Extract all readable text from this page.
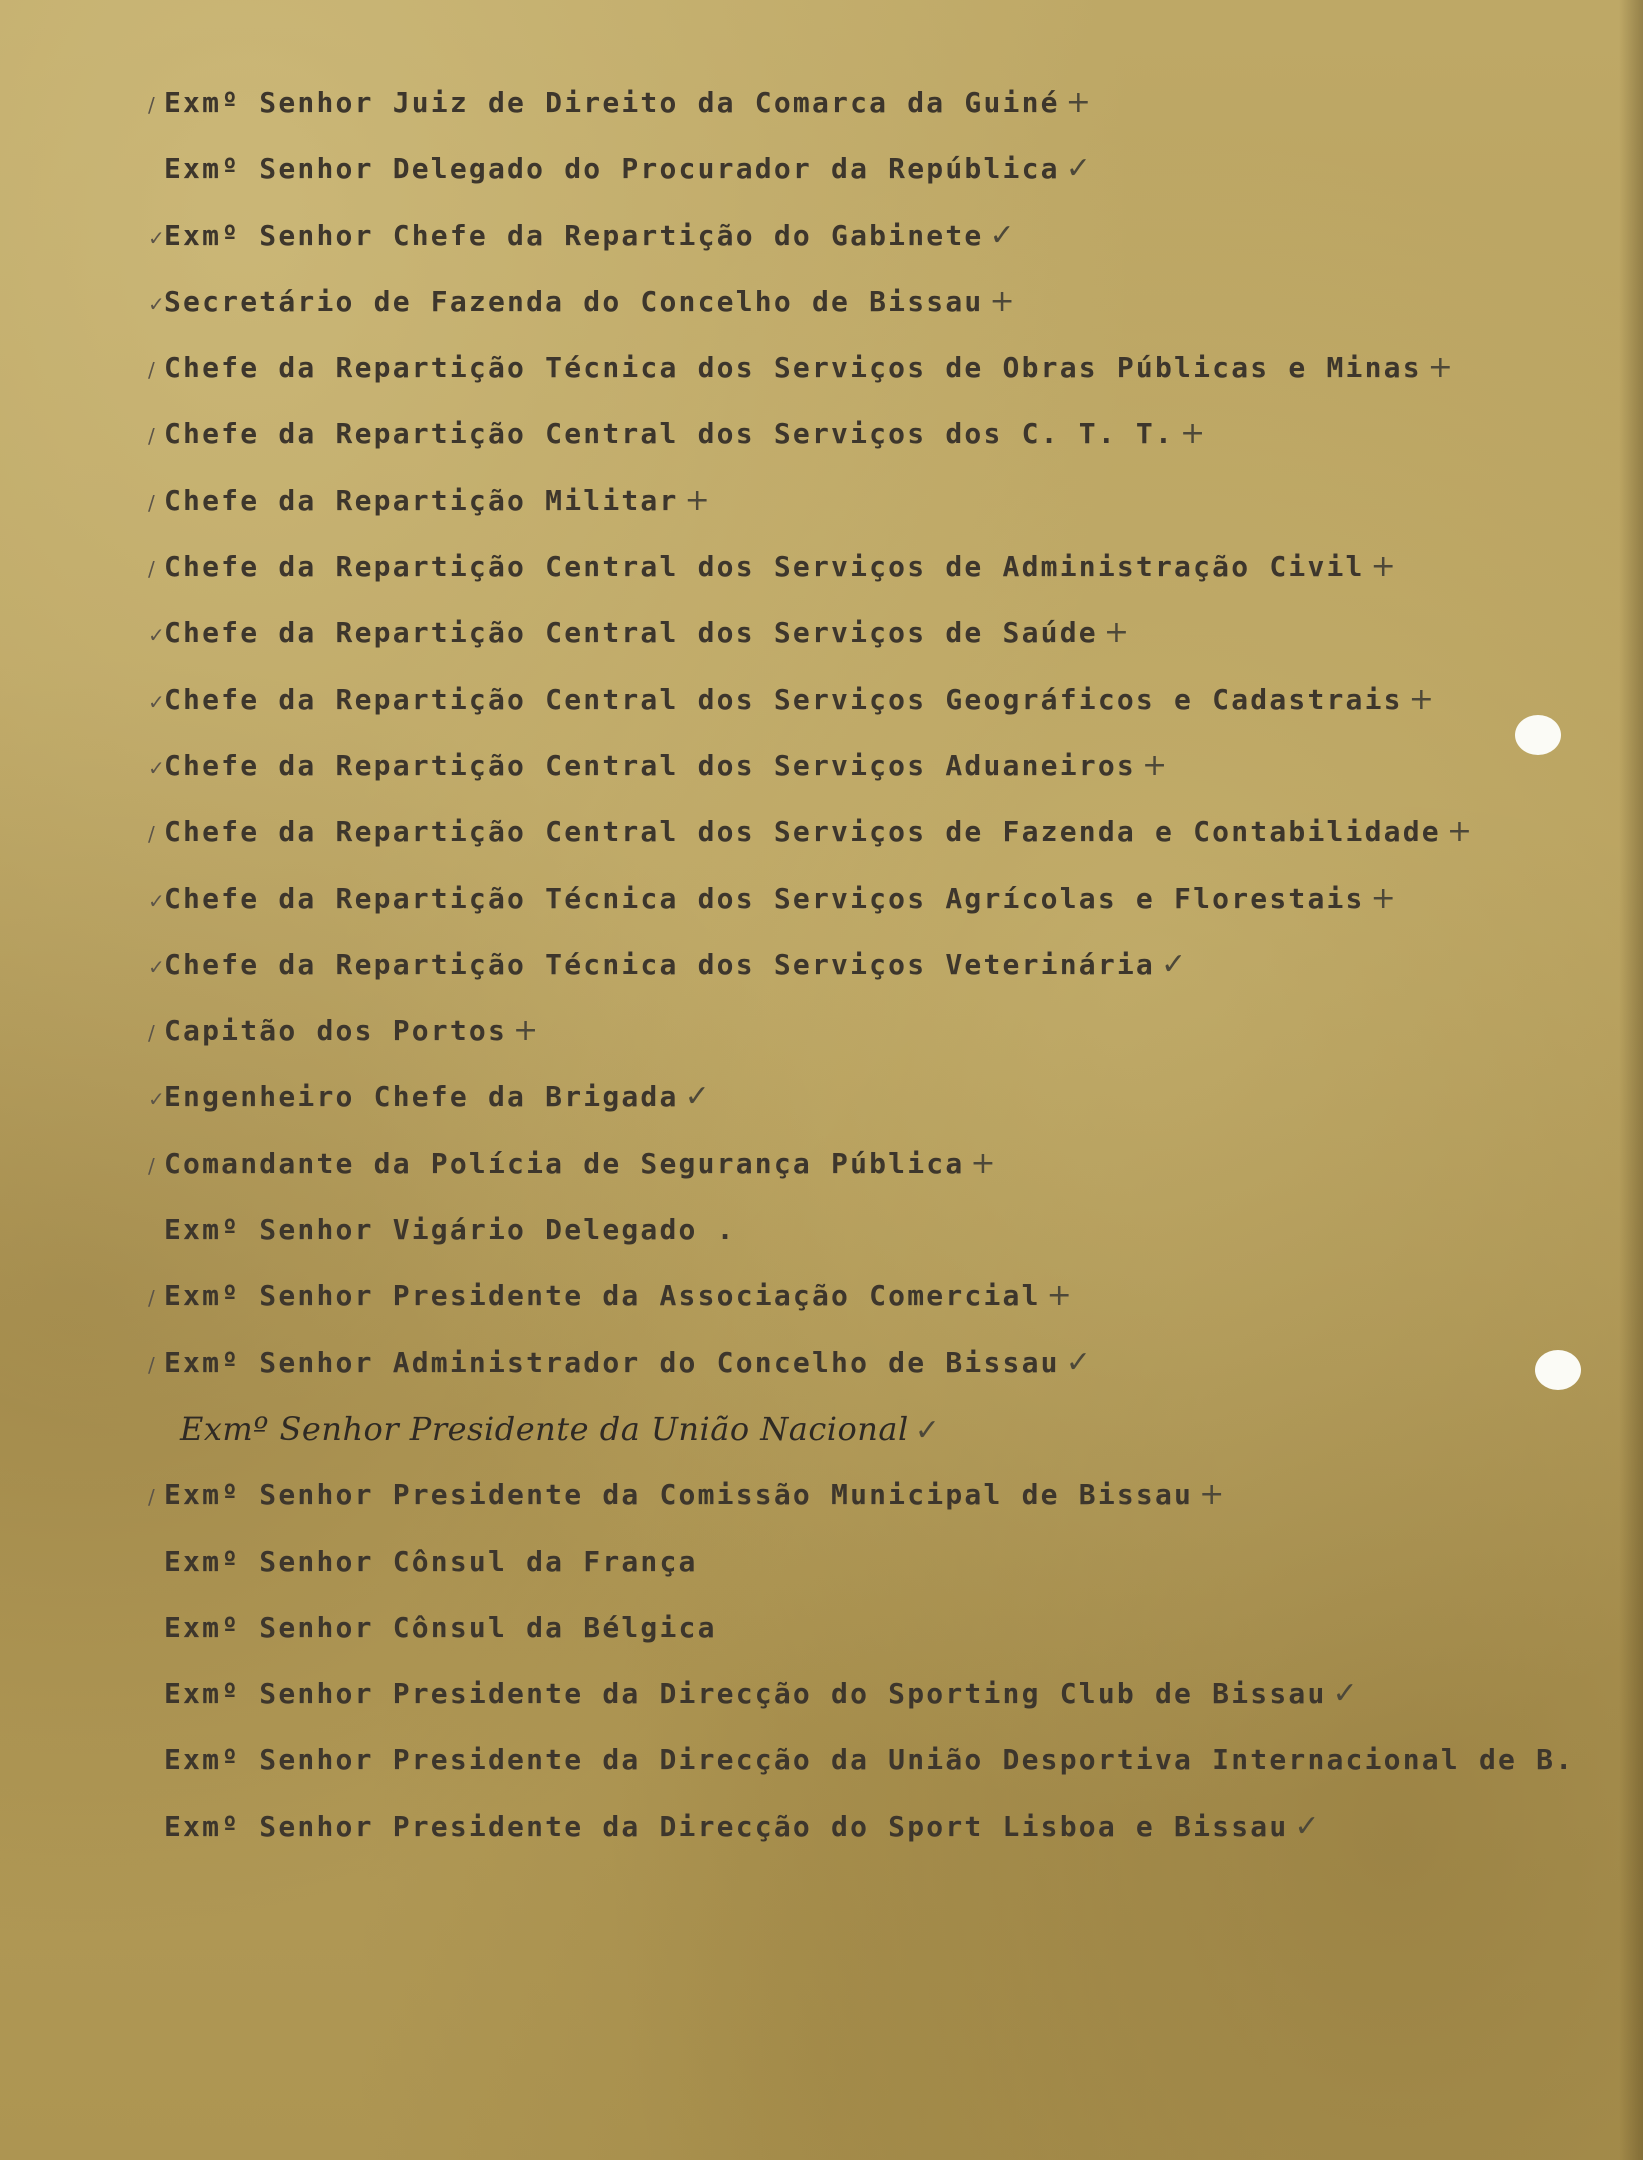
/ Exmº Senhor Juiz de Direito da Comarca da Guiné +
Exmº Senhor Delegado do Procurador da República ✓
✓Exmº Senhor Chefe da Repartição do Gabinete ✓
✓Secretário de Fazenda do Concelho de Bissau +
/ Chefe da Repartição Técnica dos Serviços de Obras Públicas e Minas +
/ Chefe da Repartição Central dos Serviços dos C. T. T. +
/ Chefe da Repartição Militar +
/ Chefe da Repartição Central dos Serviços de Administração Civil +
✓Chefe da Repartição Central dos Serviços de Saúde +
✓Chefe da Repartição Central dos Serviços Geográficos e Cadastrais +
✓Chefe da Repartição Central dos Serviços Aduaneiros +
/ Chefe da Repartição Central dos Serviços de Fazenda e Contabilidade +
✓Chefe da Repartição Técnica dos Serviços Agrícolas e Florestais +
✓Chefe da Repartição Técnica dos Serviços Veterinária ✓
/ Capitão dos Portos +
✓Engenheiro Chefe da Brigada ✓
/ Comandante da Polícia de Segurança Pública +
Exmº Senhor Vigário Delegado .
/ Exmº Senhor Presidente da Associação Comercial +
/ Exmº Senhor Administrador do Concelho de Bissau ✓
Exmº Senhor Presidente da União Nacional ✓
/ Exmº Senhor Presidente da Comissão Municipal de Bissau +
Exmº Senhor Cônsul da França
Exmº Senhor Cônsul da Bélgica
Exmº Senhor Presidente da Direcção do Sporting Club de Bissau ✓
Exmº Senhor Presidente da Direcção da União Desportiva Internacional de B.
Exmº Senhor Presidente da Direcção do Sport Lisboa e Bissau ✓
